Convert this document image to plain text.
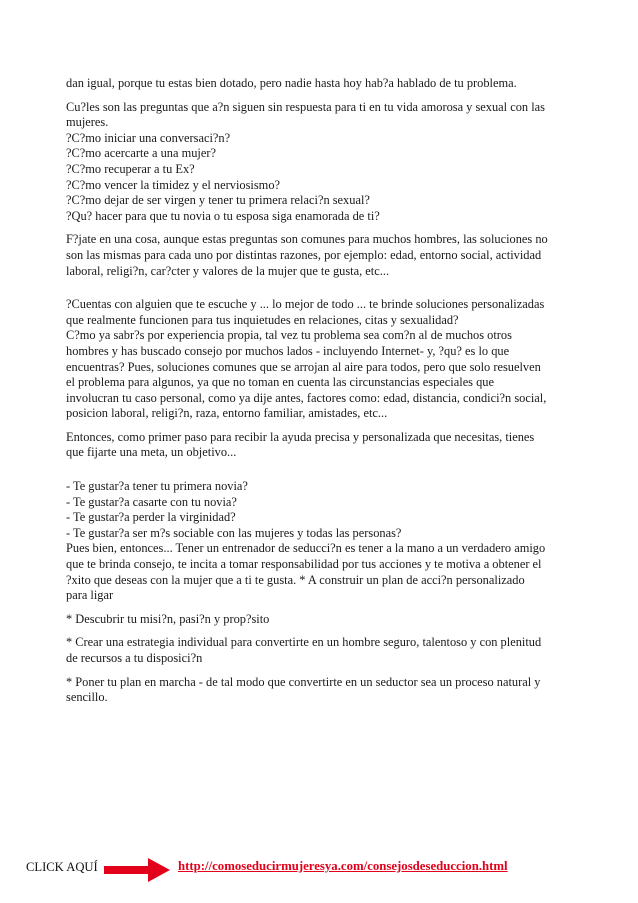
dan igual, porque tu estas bien dotado, pero nadie hasta hoy hab?a hablado de tu problema.
Cu?les son las preguntas que a?n siguen sin respuesta para ti en tu vida amorosa y sexual con las
mujeres.
?C?mo iniciar una conversaci?n?
?C?mo acercarte a una mujer?
?C?mo recuperar a tu Ex?
?C?mo vencer la timidez y el nerviosismo?
?C?mo dejar de ser virgen y tener tu primera relaci?n sexual?
?Qu? hacer para que tu novia o tu esposa siga enamorada de ti?
F?jate en una cosa, aunque estas preguntas son comunes para muchos hombres, las soluciones no
son las mismas para cada uno por distintas razones, por ejemplo: edad, entorno social, actividad
laboral, religi?n, car?cter y valores de la mujer que te gusta, etc...
?Cuentas con alguien que te escuche y ... lo mejor de todo ... te brinde soluciones personalizadas
que realmente funcionen para tus inquietudes en relaciones, citas y sexualidad?
C?mo ya sabr?s por experiencia propia, tal vez tu problema sea com?n al de muchos otros
hombres y has buscado consejo por muchos lados - incluyendo Internet- y, ?qu? es lo que
encuentras? Pues, soluciones comunes que se arrojan al aire para todos, pero que solo resuelven
el problema para algunos, ya que no toman en cuenta las circunstancias especiales que
involucran tu caso personal, como ya dije antes, factores como: edad, distancia, condici?n social,
posicion laboral, religi?n, raza, entorno familiar, amistades, etc...
Entonces, como primer paso para recibir la ayuda precisa y personalizada que necesitas, tienes
que fijarte una meta, un objetivo...
- Te gustar?a tener tu primera novia?
- Te gustar?a casarte con tu novia?
- Te gustar?a perder la virginidad?
- Te gustar?a ser m?s sociable con las mujeres y todas las personas?
Pues bien, entonces... Tener un entrenador de seducci?n es tener a la mano a un verdadero amigo
que te brinda consejo, te incita a tomar responsabilidad por tus acciones y te motiva a obtener el
?xito que deseas con la mujer que a ti te gusta. * A construir un plan de acci?n personalizado
para ligar
* Descubrir tu misi?n, pasi?n y prop?sito
* Crear una estrategia individual para convertirte en un hombre seguro, talentoso y con plenitud
de recursos a tu disposici?n
* Poner tu plan en marcha - de tal modo que convertirte en un seductor sea un proceso natural y
sencillo.
CLICK AQUÍ	http://comoseducirmujeresya.com/consejosdeseduccion.html
